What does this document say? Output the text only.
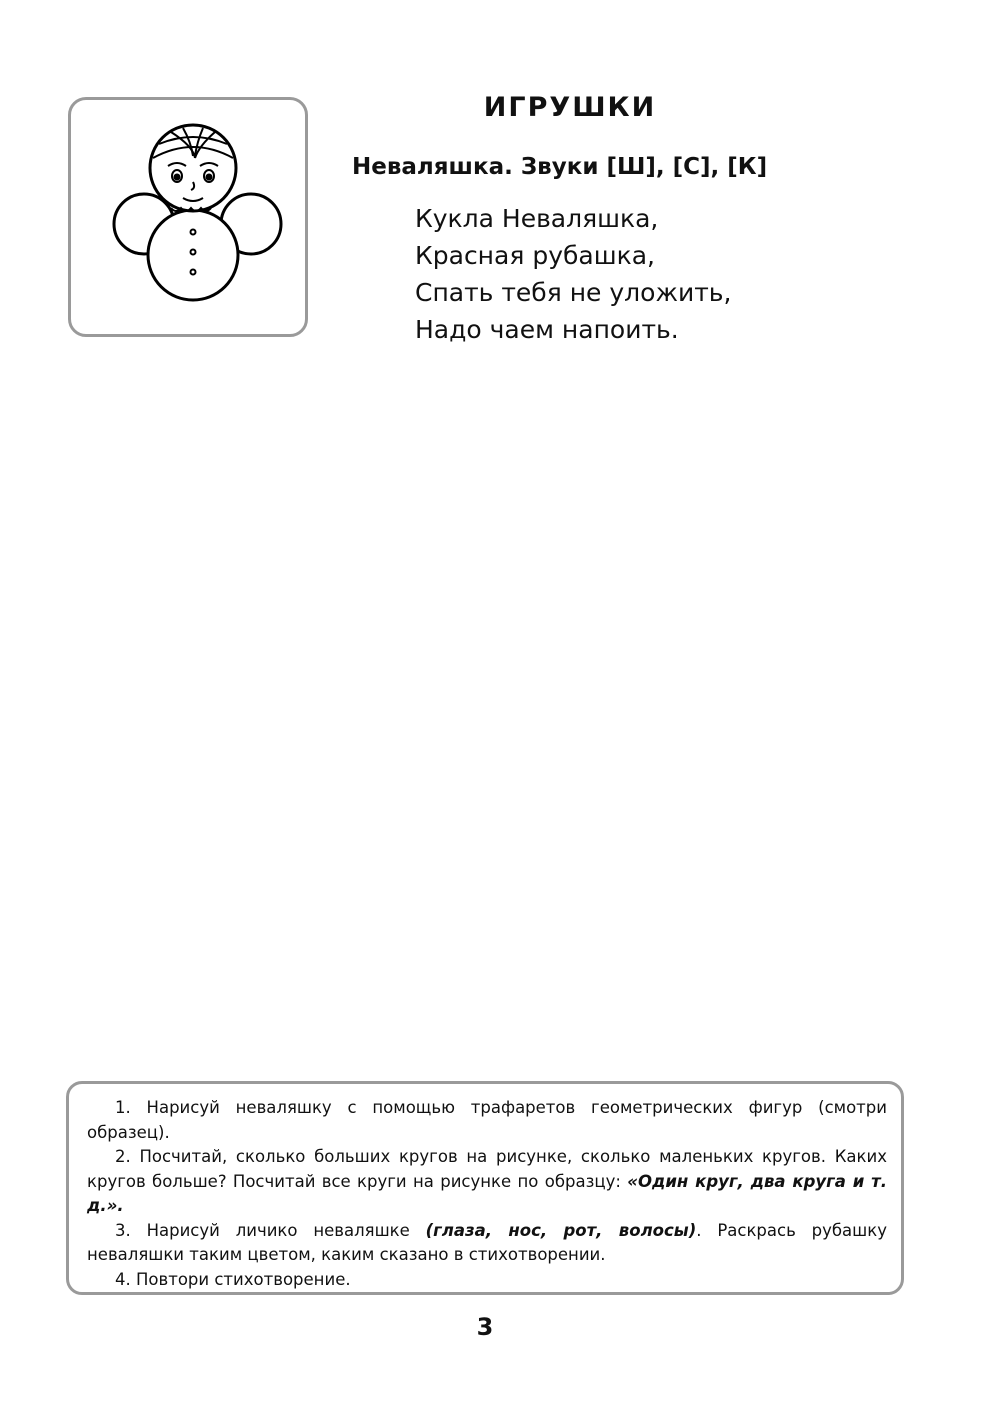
ИГРУШКИ
Неваляшка. Звуки [Ш], [С], [К]
Кукла Неваляшка,
Красная рубашка,
Спать тебя не уложить,
Надо чаем напоить.

1. Нарисуй неваляшку с помощью трафаретов геометрических фигур (смотри образец).

2. Посчитай, сколько больших кругов на рисунке, сколько маленьких кругов. Каких кругов больше? Посчитай все круги на рисунке по образцу: «Один круг, два круга и т. д.».

3. Нарисуй личико неваляшке (глаза, нос, рот, волосы). Раскрась рубашку неваляшки таким цветом, каким сказано в стихотворении.

4. Повтори стихотворение.

3
